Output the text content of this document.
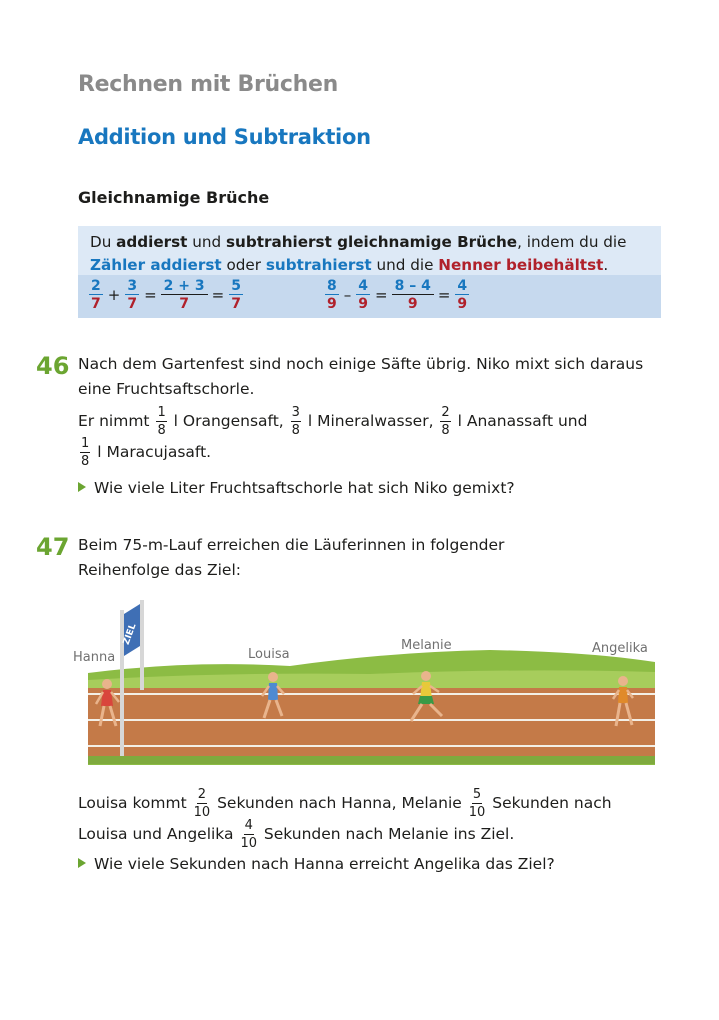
Rechnen mit Brüchen
Addition und Subtraktion
Gleichnamige Brüche
Du addierst und subtrahierst gleichnamige Brüche, indem du die
Zähler addierst oder subtrahierst und die Nenner beibehältst.
$\frac{2}{7} + \frac{3}{7} = \frac{2 + 3}{7} = \frac{5}{7}$	$\frac{8}{9} - \frac{4}{9} = \frac{8 - 4}{9} = \frac{4}{9}$
46 Nach dem Gartenfest sind noch einige Säfte übrig. Niko mixt sich daraus
eine Fruchtsaftschorle.
Er nimmt $\frac{1}{8}$ l Orangensaft, $\frac{3}{8}$ l Mineralwasser, $\frac{2}{8}$ l Ananassaft und
$\frac{1}{8}$ l Maracujasaft.
Wie viele Liter Fruchtsaftschorle hat sich Niko gemixt?
47 Beim 75-m-Lauf erreichen die Läuferinnen in folgender
Reihenfolge das Ziel:
ZIEL
Hanna	Louisa
Melanie	Angelika
Louisa kommt $\frac{2}{10}$ Sekunden nach Hanna, Melanie $\frac{5}{10}$ Sekunden nach
Louisa und Angelika $\frac{4}{10}$ Sekunden nach Melanie ins Ziel.
Wie viele Sekunden nach Hanna erreicht Angelika das Ziel?
